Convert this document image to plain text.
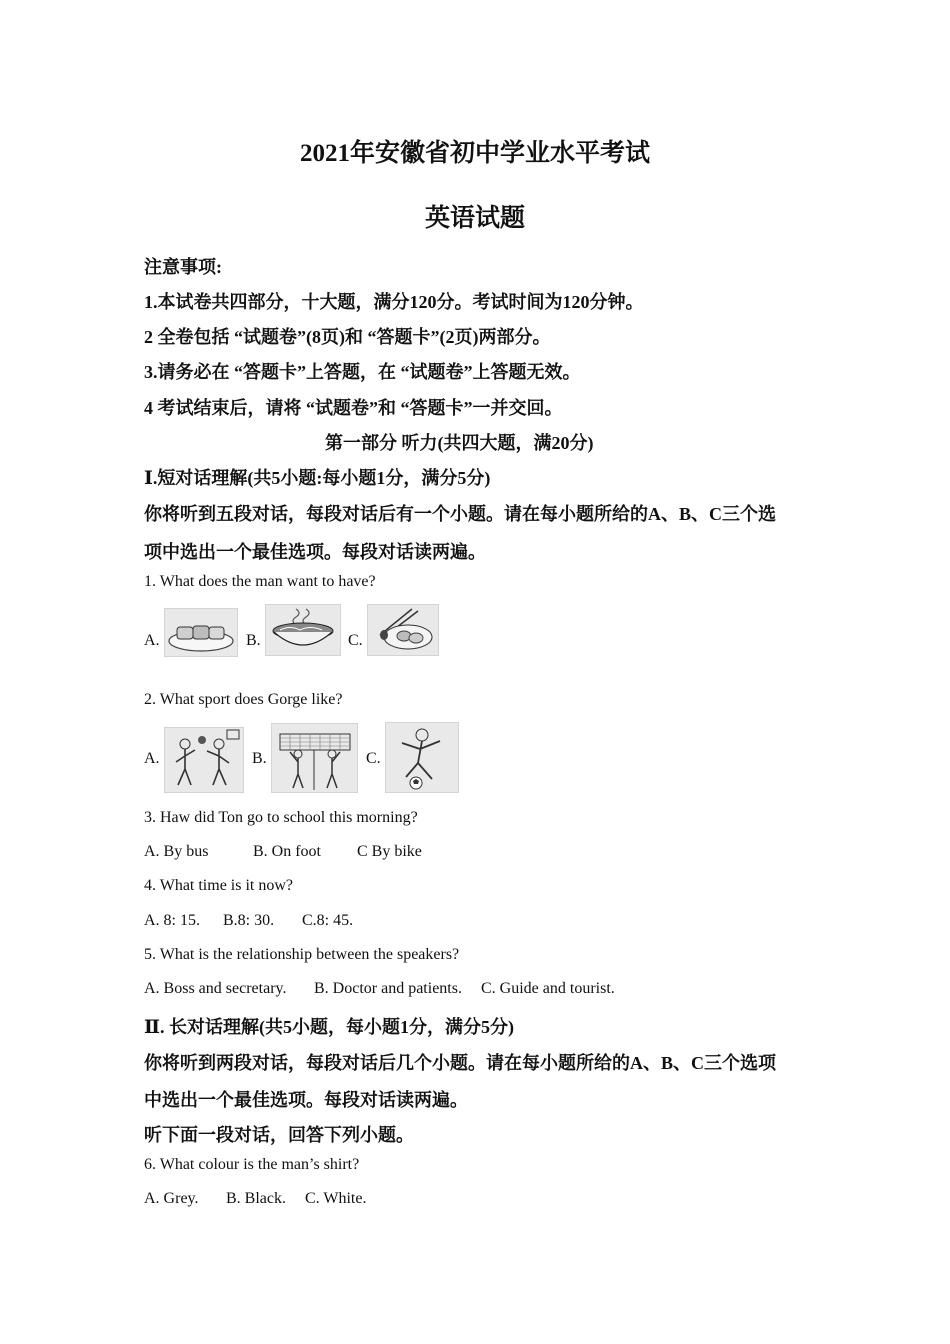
2021年安徽省初中学业水平考试
英语试题
注意事项:
1.本试卷共四部分，十大题，满分120分。考试时间为120分钟。
2 全卷包括 “试题卷”(8页)和 “答题卡”(2页)两部分。
3.请务必在 “答题卡”上答题，在 “试题卷”上答题无效。
4 考试结束后，请将 “试题卷”和 “答题卡”一并交回。
第一部分 听力(共四大题，满20分)
Ⅰ.短对话理解(共5小题:每小题1分，满分5分)
你将听到五段对话，每段对话后有一个小题。请在每小题所给的A、B、C三个选
项中选出一个最佳选项。每段对话读两遍。
1. What does the man want to have?
A.	B.	C.
2. What sport does Gorge like?
A.	B.	C.
3. Haw did Ton go to school this morning?
A. By bus	B. On foot C By bike
4. What time is it now?
A. 8: 15. B.8: 30. C.8: 45.
5. What is the relationship between the speakers?
A. Boss and secretary. B. Doctor and patients. C. Guide and tourist.
Ⅱ. 长对话理解(共5小题，每小题1分，满分5分)
你将听到两段对话，每段对话后几个小题。请在每小题所给的A、B、C三个选项
中选出一个最佳选项。每段对话读两遍。
听下面一段对话，回答下列小题。
6. What colour is the man’s shirt?
A. Grey. B. Black. C. White.
